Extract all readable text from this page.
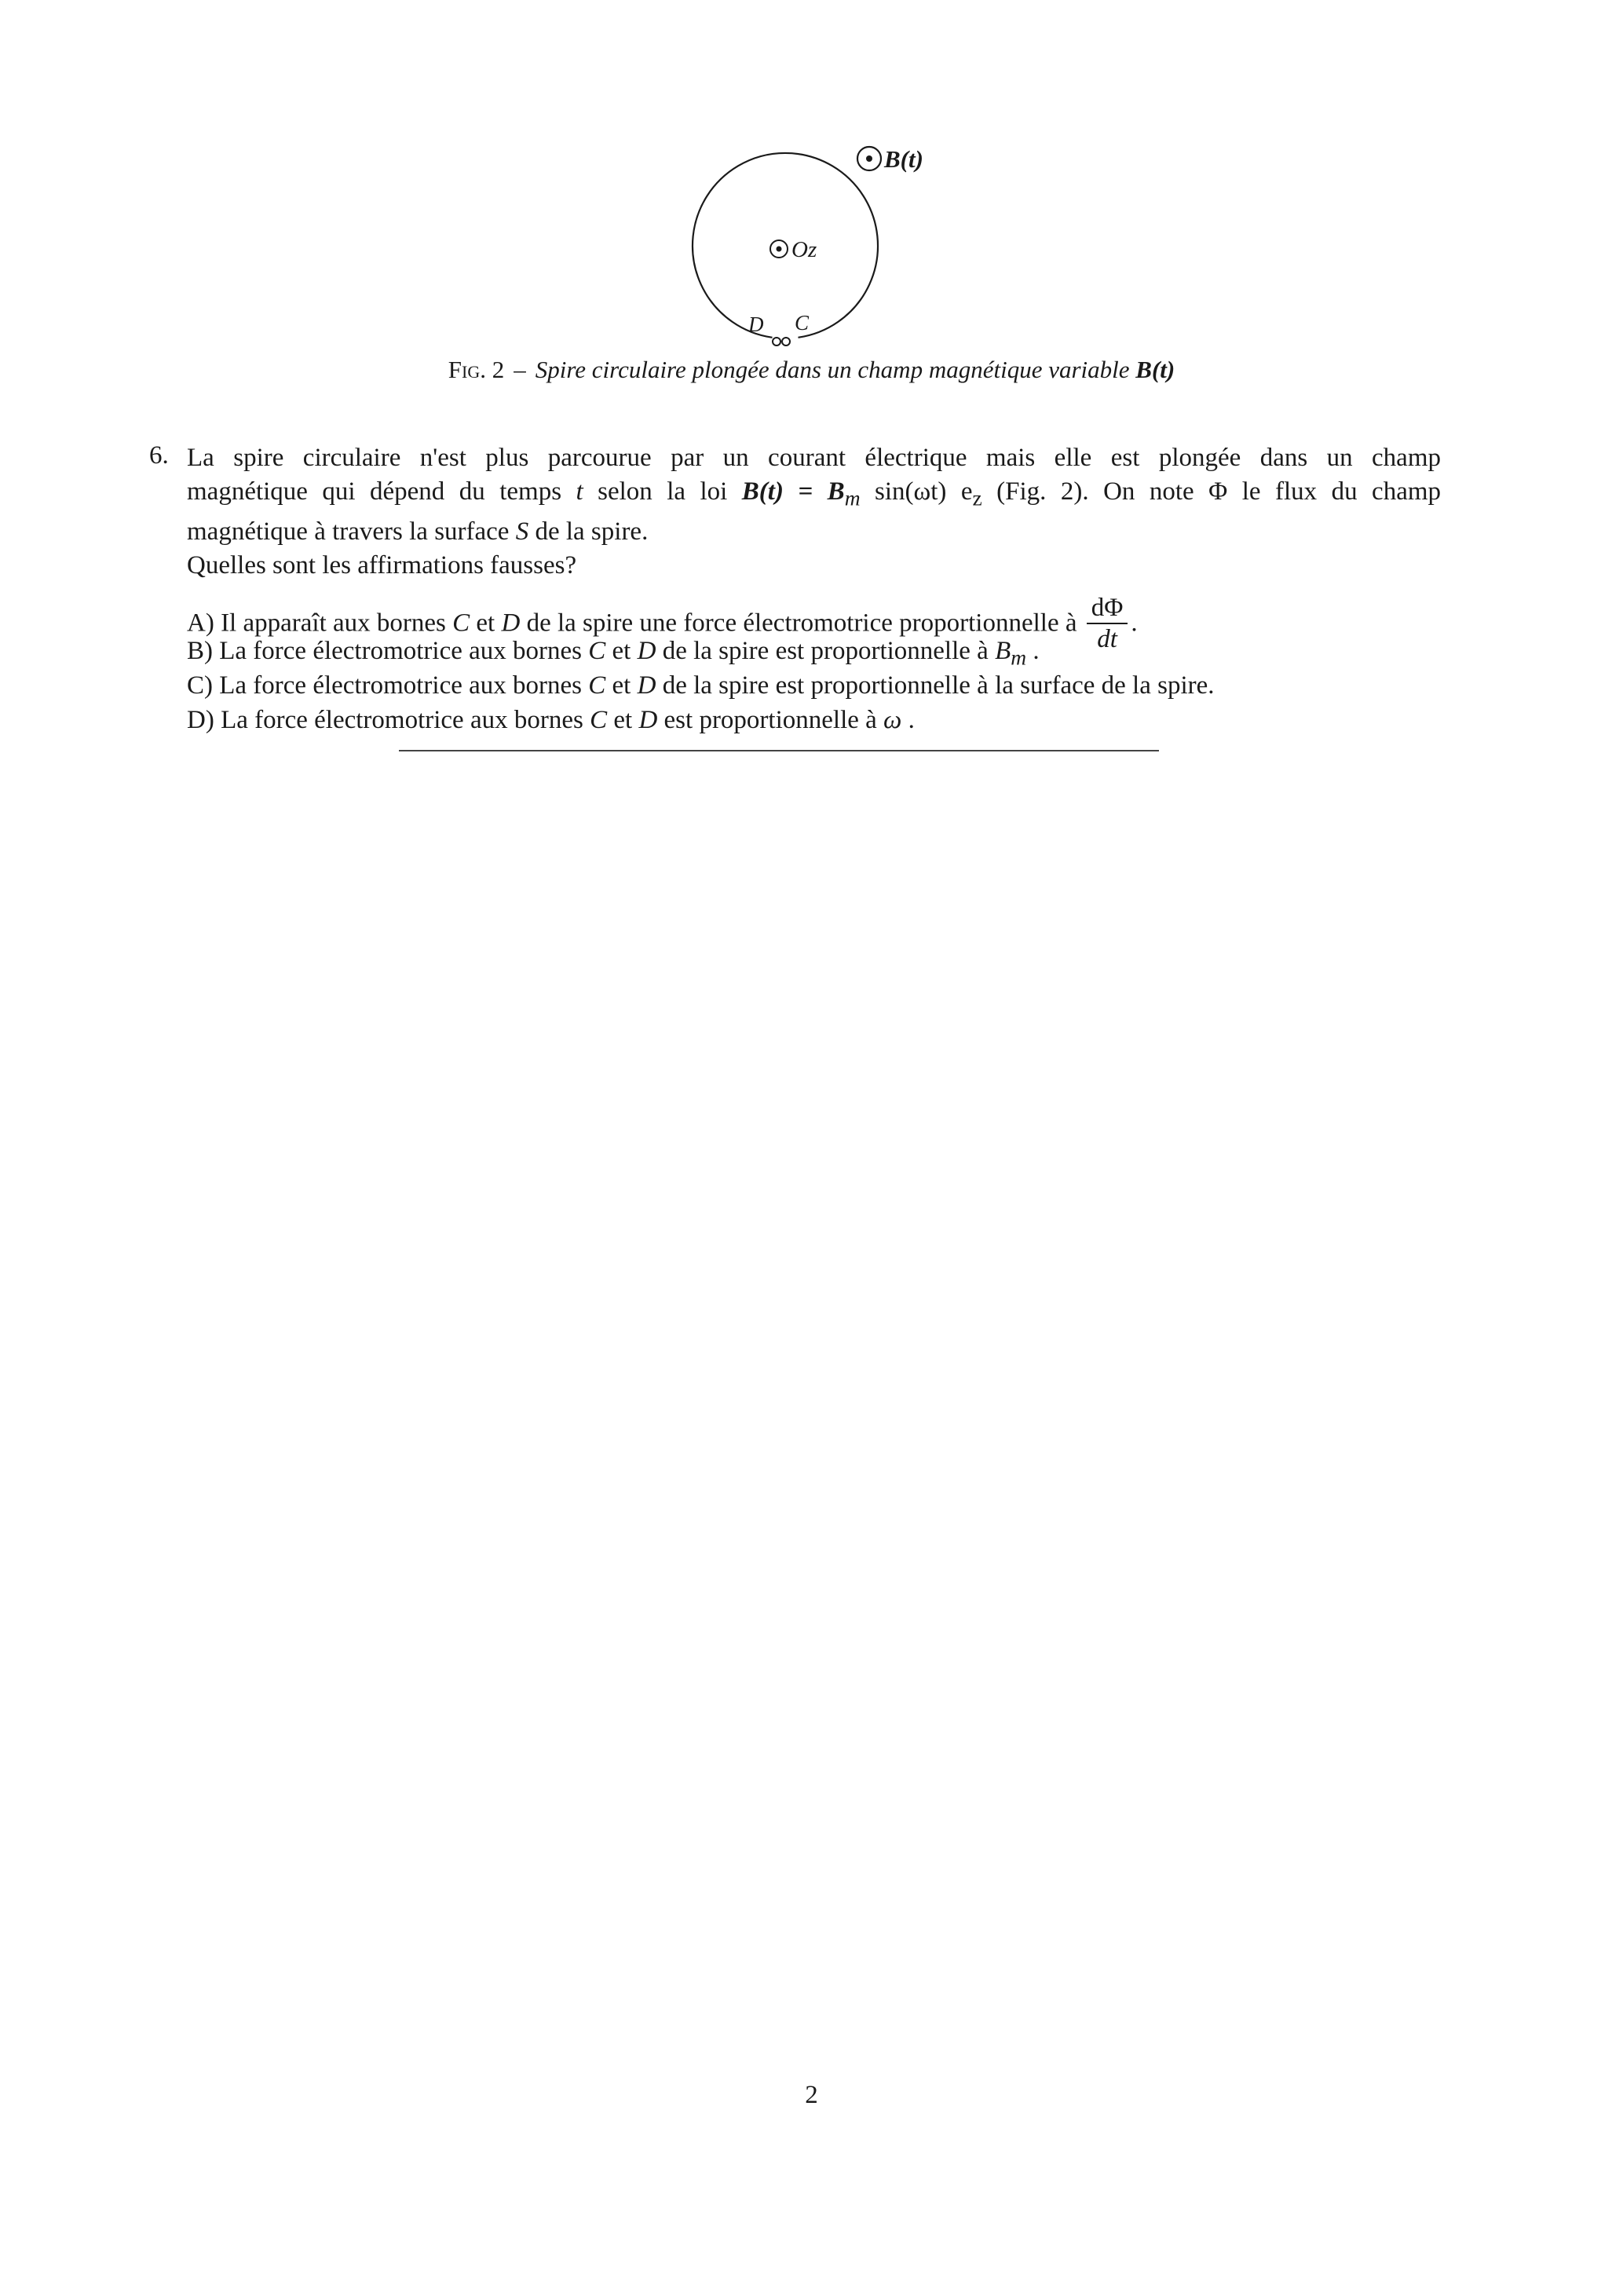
Oz
B(t)
D C
Fig. 2 – Spire circulaire plongée dans un champ magnétique variable B(t)
6. La spire circulaire n'est plus parcourue par un courant électrique mais elle est plongée dans un champ
magnétique qui dépend du temps t selon la loi $B(t) = B_m$ sin(ωt) $e_z$ (Fig. 2). On note Φ le flux du champ
magnétique à travers la surface S de la spire.
Quelles sont les affirmations fausses?
A) Il apparaît aux bornes C et D de la spire une force électromotrice proportionnelle à $\frac{d\Phi}{dt}$ .
B) La force électromotrice aux bornes C et D de la spire est proportionnelle à $B_m$ .
C) La force électromotrice aux bornes C et D de la spire est proportionnelle à la surface de la spire.
D) La force électromotrice aux bornes C et D est proportionnelle à ω .
2
